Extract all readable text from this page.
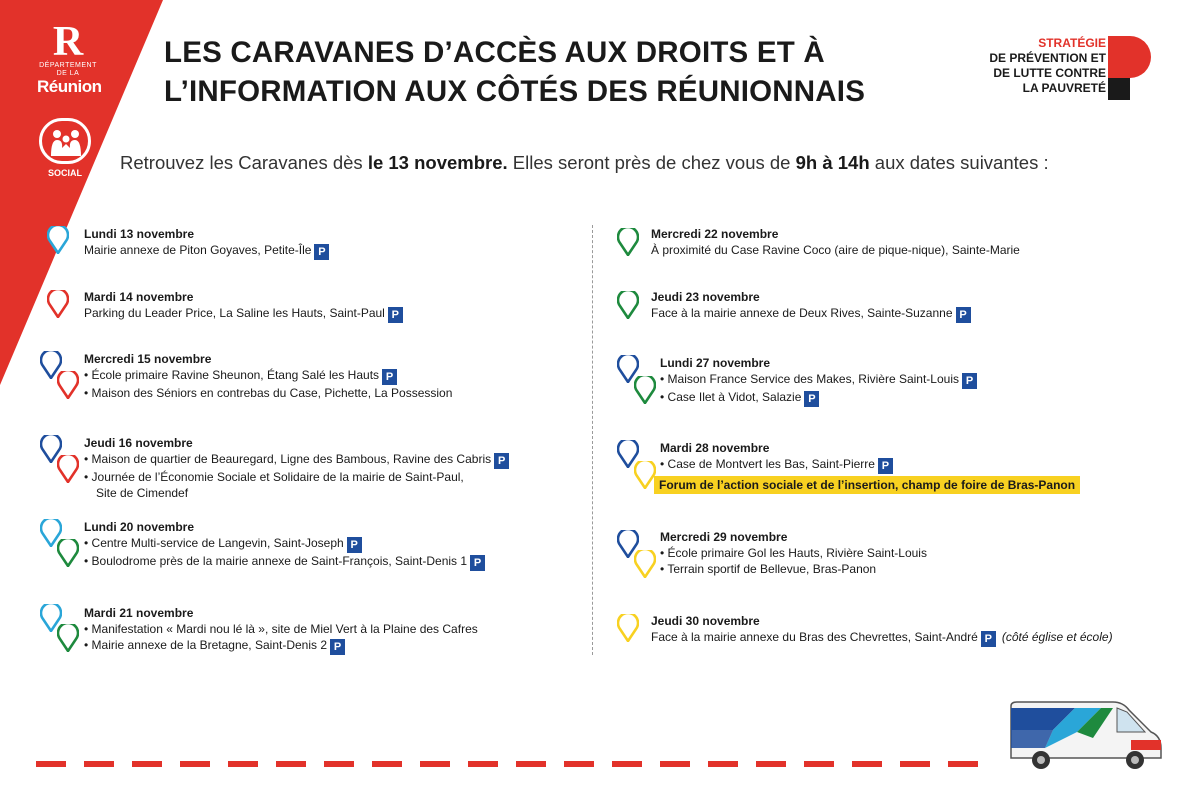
R
DÉPARTEMENT DE LA
Réunion
SOCIAL
LES CARAVANES D’ACCÈS AUX DROITS ET À
L’INFORMATION AUX CÔTÉS DES RÉUNIONNAIS
STRATÉGIE
DE PRÉVENTION ET
DE LUTTE CONTRE
LA PAUVRETÉ
Retrouvez les Caravanes dès le 13 novembre. Elles seront près de chez vous de 9h à 14h aux dates suivantes :
Lundi 13 novembre
Mairie annexe de Piton Goyaves, Petite-Île P
Mardi 14 novembre
Parking du Leader Price, La Saline les Hauts, Saint-Paul P
Mercredi 15 novembre
• École primaire Ravine Sheunon, Étang Salé les Hauts P
• Maison des Séniors en contrebas du Case, Pichette, La Possession
Jeudi 16 novembre
• Maison de quartier de Beauregard, Ligne des Bambous, Ravine des Cabris P
• Journée de l’Économie Sociale et Solidaire de la mairie de Saint-Paul,
Site de Cimendef
Lundi 20 novembre
• Centre Multi-service de Langevin, Saint-Joseph P
• Boulodrome près de la mairie annexe de Saint-François, Saint-Denis 1 P
Mardi 21 novembre
• Manifestation « Mardi nou lé là », site de Miel Vert à la Plaine des Cafres
• Mairie annexe de la Bretagne, Saint-Denis 2 P
Mercredi 22 novembre
À proximité du Case Ravine Coco (aire de pique-nique), Sainte-Marie
Jeudi 23 novembre
Face à la mairie annexe de Deux Rives, Sainte-Suzanne P
Lundi 27 novembre
• Maison France Service des Makes, Rivière Saint-Louis P
• Case Ilet à Vidot, Salazie P
Mardi 28 novembre
• Case de Montvert les Bas, Saint-Pierre P
Forum de l’action sociale et de l’insertion, champ de foire de Bras-Panon
Mercredi 29 novembre
• École primaire Gol les Hauts, Rivière Saint-Louis
• Terrain sportif de Bellevue, Bras-Panon
Jeudi 30 novembre
Face à la mairie annexe du Bras des Chevrettes, Saint-André P (côté église et école)
